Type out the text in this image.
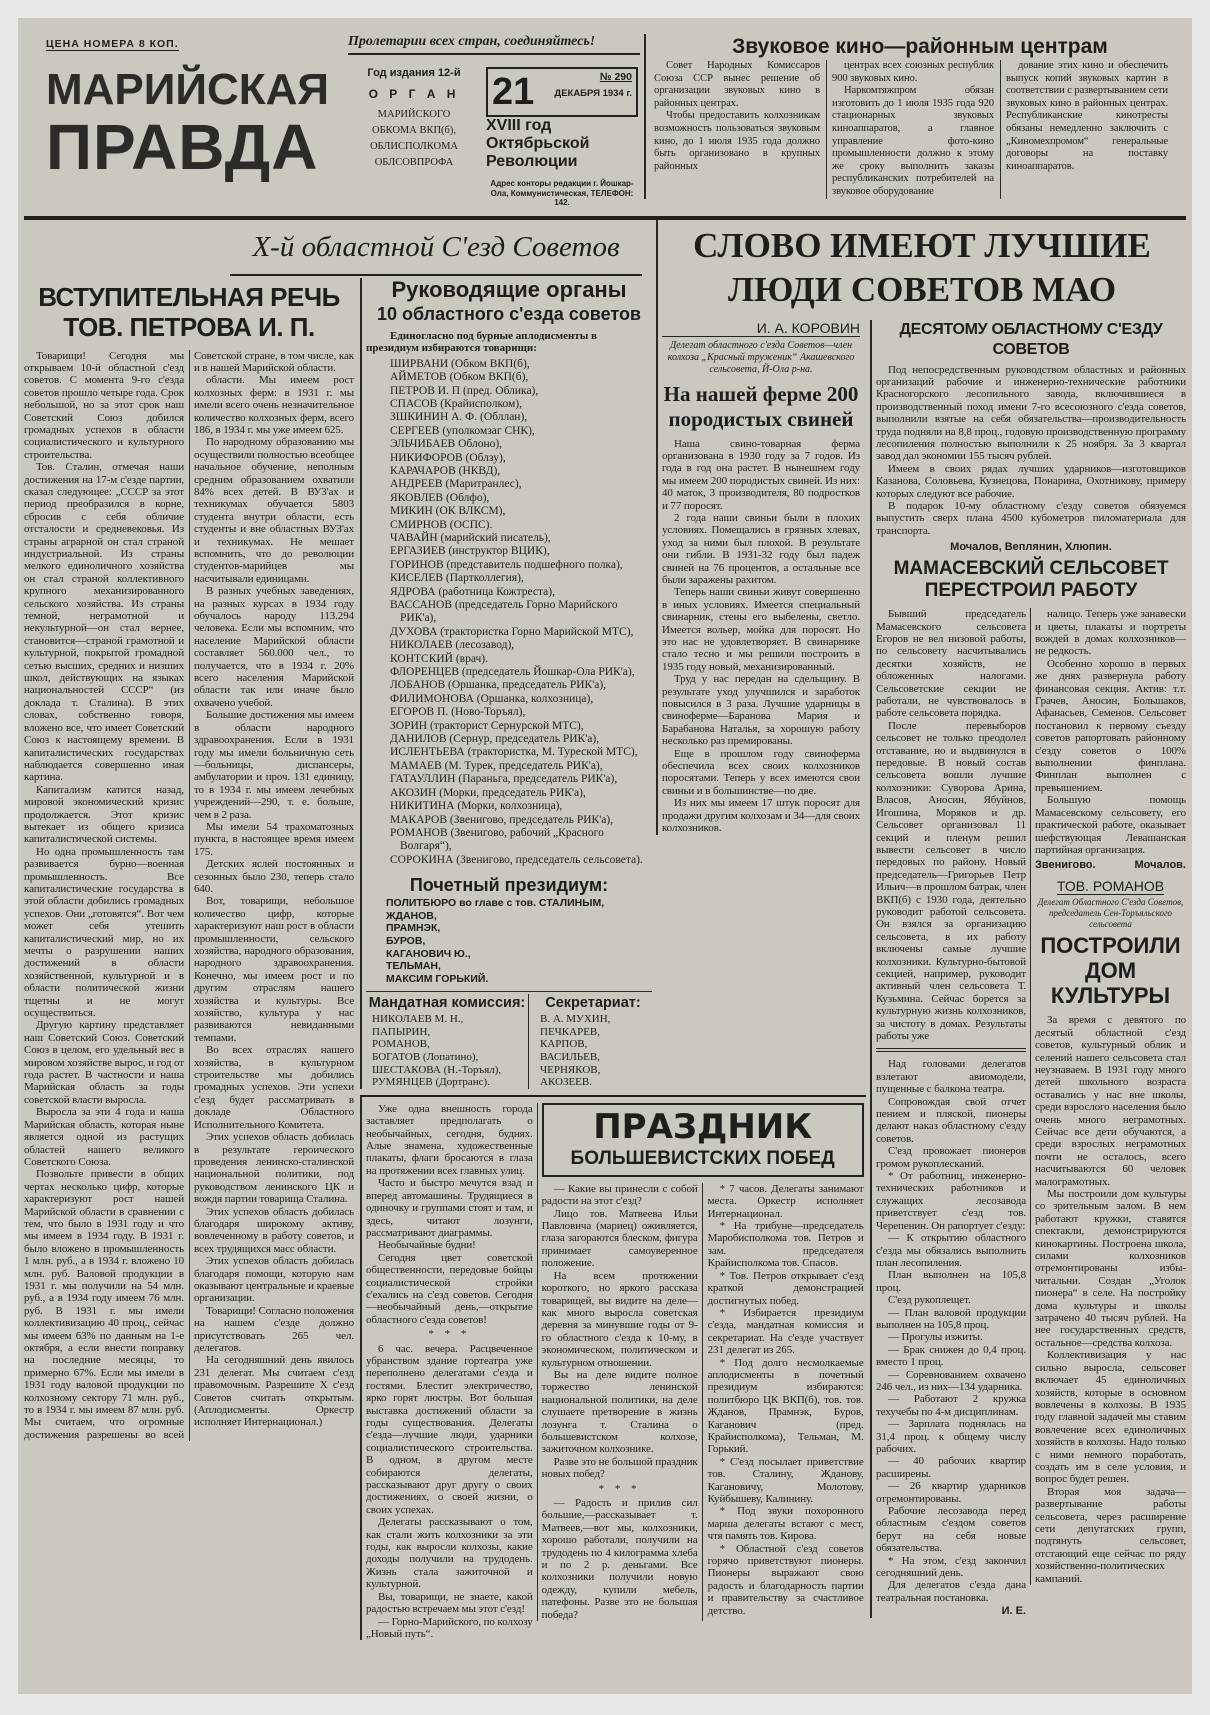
ЦЕНА НОМЕРА 8 КОП.
МАРИЙСКАЯ
ПРАВДА
Пролетарии всех стран, соединяйтесь!
Год издания 12-й
О Р Г А Н
МАРИЙСКОГО
ОБКОМА ВКП(б),
ОБЛИСПОЛКОМА
ОБЛСОВПРОФА
21	№ 290
ДЕКАБРЯ 1934 г.
XVIII год Октябрьской Революции
Адрес конторы редакции г. Йошкар-Ола, Коммунистическая, ТЕЛЕФОН: 142.
Звуковое кино—районным центрам

Совет Народных Комиссаров Союза ССР вынес решение об организации звуковых кино в районных центрах.

Чтобы предоставить колхозникам возможность пользоваться звуковым кино, до 1 июля 1935 года должно быть организовано в крупных районных

центрах всех союзных республик 900 звуковых кино.

Наркомтяжпром обязан изготовить до 1 июля 1935 года 920 стационарных звуковых киноаппаратов, а главное управление фото-кино промышленности должно к этому же сроку выполнить заказы республиканских потребителей на звуковое оборудование

дование этих кино и обеспечить выпуск копий звуковых картин в соответствии с развертыванием сети звуковых кино в районных центрах. Республиканские кинотресты обязаны немедленно заключить с „Киномехпромом“ генеральные договоры на поставку киноаппаратов.

Х-й областной С'езд Советов
ВСТУПИТЕЛЬНАЯ РЕЧЬ
ТОВ. ПЕТРОВА И. П.

Товарищи! Сегодня мы открываем 10-й областной с'езд советов. С момента 9-го с'езда советов прошло четыре года. Срок небольшой, но за этот срок наш Советский Союз добился громадных успехов в области социалистического и культурного строительства.

Тов. Сталин, отмечая наши достижения на 17-м с'езде партии, сказал следующее: „СССР за этот период преобразился в корне, сбросив с себя обличие отсталости и средневековья. Из страны аграрной он стал страной индустриальной. Из страны мелкого единоличного хозяйства он стал страной коллективного крупного механизированного сельского хозяйства. Из страны темной, неграмотной и некультурной—он стал вернее, становится—страной грамотной и культурной, покрытой громадной сетью высших, средних и низших школ, действующих на языках национальностей СССР“ (из доклада т. Сталина). В этих словах, собственно говоря, вложено все, что имеет Советский Союз к настоящему времени. В капиталистических государствах наблюдается совершенно иная картина.

Капитализм катится назад, мировой экономический кризис продолжается. Этот кризис вытекает из общего кризиса капиталистической системы.

Но одна промышленность там развивается бурно—военная промышленность. Все капиталистические государства в этой области добились громадных успехов. Они „готовятся“. Вот чем может себя утешить капиталистический мир, но их мечты о разрушении наших достижений в области хозяйственной, культурной и в области политической жизни тщетны и не могут осуществиться.

Другую картину представляет наш Советский Союз. Советский Союз в целом, его удельный вес в мировом хозяйстве вырос, и год от года растет. В частности и наша Марийская область за годы советской власти выросла.

Выросла за эти 4 года и наша Марийская область, которая ныне является одной из растущих областей нашего великого Советского Союза.

Позвольте привести в общих чертах несколько цифр, которые характеризуют рост нашей Марийской области в сравнении с тем, что было в 1931 году и что мы имеем в 1934 году. В 1931 г. было вложено в промышленность 1 млн. руб., а в 1934 г. вложено 10 млн. руб. Валовой продукции в 1931 г. мы получили на 54 млн. руб., а в 1934 году имеем 76 млн. руб. В 1931 г. мы имели коллективизацию 40 проц., сейчас мы имеем 63% по данным на 1-е октября, а если внести поправку на последние месяцы, то примерно 67%. Если мы имели в 1931 году валовой продукции по колхозному сектору 71 млн. руб., то в 1934 г. мы имеем 87 млн. руб. Мы считаем, что огромные достижения разрешены во всей Советской стране, в том числе, как и в нашей Марийской области.

области. Мы имеем рост колхозных ферм: в 1931 г. мы имели всего очень незначительное количество колхозных ферм, всего 186, в 1934 г. мы уже имеем 625.

По народному образованию мы осуществили полностью всеобщее начальное обучение, неполным средним образованием охватили 84% всех детей. В ВУЗ'ах и техникумах обучается 5803 студента внутри области, есть студенты и вне областных ВУЗ'ах и техникумах. Не мешает вспомнить, что до революции студентов-марийцев мы насчитывали единицами.

В разных учебных заведениях, на разных курсах в 1934 году обучалось народу 113.294 человека. Если мы вспомним, что население Марийской области составляет 560.000 чел., то получается, что в 1934 г. 20% всего населения Марийской области так или иначе было охвачено учебой.

Большие достижения мы имеем в области народного здравоохранения. Если в 1931 году мы имели больничную сеть—больницы, диспансеры, амбулатории и проч. 131 единицу, то в 1934 г. мы имеем лечебных учреждений—290, т. е. больше, чем в 2 раза.

Мы имели 54 трахоматозных пункта, в настоящее время имеем 175.

Детских яслей постоянных и сезонных было 230, теперь стало 640.

Вот, товарищи, небольшое количество цифр, которые характеризуют наш рост в области промышленности, сельского хозяйства, народного образования, народного здравоохранения. Конечно, мы имеем рост и по другим отраслям нашего хозяйства и культуры. Все хозяйство, культура у нас развиваются невиданными темпами.

Во всех отраслях нашего хозяйства, в культурном строительстве мы добились громадных успехов. Эти успехи с'езд будет рассматривать в докладе Областного Исполнительного Комитета.

Этих успехов область добилась в результате героического проведения ленинско-сталинской национальной политики, под руководством ленинского ЦК и вождя партии товарища Сталина.

Этих успехов область добилась благодаря широкому активу, вовлеченному в работу советов, и всех трудящихся масс области.

Этих успехов область добилась благодаря помощи, которую нам оказывают центральные и краевые организации.

Товарищи! Согласно положения на нашем с'езде должно присутствовать 265 чел. делегатов.

На сегодняшний день явилось 231 делегат. Мы считаем с'езд правомочным. Разрешите Х с'езд Советов считать открытым. (Аплодисменты. Оркестр исполняет Интернационал.)

Руководящие органы
10 областного с'езда советов
Единогласно под бурные аплодисменты в президиум избираются товарищи:
ШИРВАНИ (Обком ВКП(б),
АЙМЕТОВ (Обком ВКП(б),
ПЕТРОВ И. П (пред. Облика),
СПАСОВ (Крайисполком),
ЗШКИНИН А. Ф. (Обллан),
СЕРГЕЕВ (уполкомзаг СНК),
ЭЛЬЧИБАЕВ Облоно),
НИКИФОРОВ (Облзу),
КАРАЧАРОВ (НКВД),
АНДРЕЕВ (Маритранлес),
ЯКОВЛЕВ (Облфо),
МИКИН (ОК ВЛКСМ),
СМИРНОВ (ОСПС).
ЧАВАЙН (марийский писатель),
ЕРГАЗИЕВ (инструктор ВЦИК),
ГОРИНОВ (представитель подшефного полка),
КИСЕЛЕВ (Партколлегия),
ЯДРОВА (работница Кожтреста),
ВАССАНОВ (председатель Горно Марийского РИК'а),
ДУХОВА (трактористка Горно Марийской МТС),
НИКОЛАЕВ (лесозавод),
КОНТСКИЙ (врач).
ФЛОРЕНЦЕВ (председатель Йошкар-Ола РИК'а),
ЛОБАНОВ (Оршанка, председатель РИК'а),
ФИЛИМОНОВА (Оршанка, колхозница),
ЕГОРОВ П. (Ново-Торъял),
ЗОРИН (тракторист Сернурской МТС),
ДАНИЛОВ (Сернур, председатель РИК'а),
ИСЛЕНТЬЕВА (трактористка, М. Туреской МТС),
МАМАЕВ (М. Турек, председатель РИК'а),
ГАТАУЛЛИН (Параньга, председатель РИК'а),
АКОЗИН (Морки, председатель РИК'а),
НИКИТИНА (Морки, колхозница),
МАКАРОВ (Звенигово, председатель РИК'а),
РОМАНОВ (Звенигово, рабочий „Красного Волгаря“),
СОРОКИНА (Звенигово, председатель сельсовета).
Почетный президиум:
ПОЛИТБЮРО во главе с тов. СТАЛИНЫМ,
ЖДАНОВ,
ПРАМНЭК,
БУРОВ,
КАГАНОВИЧ Ю.,
ТЕЛЬМАН,
МАКСИМ ГОРЬКИЙ.
Мандатная комиссия:
НИКОЛАЕВ М. Н.,
ПАПЫРИН,
РОМАНОВ,
БОГАТОВ (Лопатино),
ШЕСТАКОВА (Н.-Торъял),
РУМЯНЦЕВ (Дортранс).
Секретариат:
В. А. МУХИН,
ПЕЧКАРЕВ,
КАРПОВ,
ВАСИЛЬЕВ,
ЧЕРНЯКОВ,
АКОЗЕЕВ.
СЛОВО ИМЕЮТ ЛУЧШИЕ
ЛЮДИ СОВЕТОВ МАО
И. А. КОРОВИН
Делегат областного с'езда Советов—член колхоза „Красный труженик“ Акашевского сельсовета, Й-Ола р-на.
На нашей ферме 200 породистых свиней

Наша свино-товарная ферма организована в 1930 году за 7 годов. Из года в год она растет. В нынешнем году мы имеем 200 породистых свиней. Из них: 40 маток, 3 производителя, 80 подростков и 77 поросят.

2 года наши свиньи были в плохих условиях. Помещались в грязных хлевах, уход за ними был плохой. В результате они гибли. В 1931-32 году был падеж свиней на 76 процентов, а остальные все были заражены рахитом.

Теперь наши свиньи живут совершенно в иных условиях. Имеется специальный свинарник, стены его выбелены, светло. Имеется вольер, мойка для поросят. Но это нас не удовлетворяет. В свинарнике стало тесно и мы решили построить в 1935 году новый, механизированный.

Труд у нас передан на сдельщину. В результате уход улучшился и заработок повысился в 3 раза. Лучшие ударницы в свиноферме—Баранова Мария и Барабанова Наталья, за хорошую работу несколько раз премированы.

Еще в прошлом году свиноферма обеспечила всех своих колхозников поросятами. Теперь у всех имеются свои свиньи и в большинстве—по две.

Из них мы имеем 17 штук поросят для продажи другим колхозам и 34—для своих колхозников.

Уже одна внешность города заставляет предполагать о необычайных, сегодня, буднях. Алые знамена, художественные плакаты, флаги бросаются в глаза на протяжении всех главных улиц.

Часто и быстро мечутся взад и вперед автомашины. Трудящиеся в одиночку и группами стоят и там, и здесь, читают лозунги, рассматривают диаграммы.

Необычайные будни!

Сегодня цвет советской общественности, передовые бойцы социалистической стройки с'ехались на с'езд советов. Сегодня—необычайный день,—открытие областного с'езда советов!

* * *

6 час. вечера. Расцвеченное убранством здание гортеатра уже переполнено делегатами с'езда и гостями. Блестит электричество, ярко горят люстры. Вот большая выставка достижений области за годы существования. Делегаты с'езда—лучшие люди, ударники социалистического строительства. В одном, в другом месте собираются делегаты, рассказывают друг другу о своих достижениях, о своей жизни, о своих успехах.

Делегаты рассказывают о том, как стали жить колхозники за эти годы, как выросли колхозы, какие доходы получили на трудодень. Жизнь стала зажиточной и культурной.

Вы, товарищи, не знаете, какой радостью встречаем мы этот с'езд!

— Горно-Марийского, по колхозу „Новый путь“.

ПРАЗДНИК
БОЛЬШЕВИСТСКИХ ПОБЕД

— Какие вы принесли с собой радости на этот с'езд?

Лицо тов. Матвеева Ильи Павловича (мариец) оживляется, глаза загораются блеском, фигура принимает самоуверенное положение.

На всем протяжении короткого, но яркого рассказа товарищей, вы видите на деле—как много выросла советская деревня за минувшие годы от 9-го областного с'езда к 10-му, в экономическом, политическом и культурном отношении.

Вы на деле видите полное торжество ленинской национальной политики, на деле слушаете претворение в жизнь лозунга т. Сталина о большевистском колхозе, зажиточном колхознике.

Разве это не большой праздник новых побед?

* * *

— Радость и прилив сил большие,—рассказывает т. Матвеев,—вот мы, колхозники, хорошо работали, получили на трудодень по 4 килограмма хлеба и по 2 р. деньгами. Все колхозники получили новую одежду, купили мебель, патефоны. Разве это не большая победа?

* 7 часов. Делегаты занимают места. Оркестр исполняет Интернационал.

* На трибуне—председатель Маробисполкома тов. Петров и зам. председателя Крайисполкома тов. Спасов.

* Тов. Петров открывает с'езд краткой демонстрацией достигнутых побед.

* Избирается президиум с'езда, мандатная комиссия и секретариат. На с'езде участвует 231 делегат из 265.

* Под долго несмолкаемые аплодисменты в почетный президиум избираются: политбюро ЦК ВКП(б), тов. тов. Жданов, Прамнэк, Буров, Каганович (пред. Крайисполкома), Тельман, М. Горький.

* С'езд посылает приветствие тов. Сталину, Жданову, Кагановичу, Молотову, Куйбышеву, Калинину.

* Под звуки похоронного марша делегаты встают с мест, чтя память тов. Кирова.

* Областной с'езд советов горячо приветствуют пионеры. Пионеры выражают свою радость и благодарность партии и правительству за счастливое детство.

ДЕСЯТОМУ ОБЛАСТНОМУ С'ЕЗДУ СОВЕТОВ

Под непосредственным руководством областных и районных организаций рабочие и инженерно-технические работники Красногорского лесопильного завода, включившиеся в производственный поход имени 7-го всесоюзного с'езда советов, выполнили взятые на себя обязательства—производительность труда подняли на 8,8 проц., годовую производственную программу лесопиления полностью выполнили к 25 ноября. За 3 квартал завод дал экономии 155 тысяч рублей.

Имеем в своих рядах лучших ударников—изготовщиков Казанова, Соловьева, Кузнецова, Понарина, Охотникову, примеру которых следуют все рабочие.

В подарок 10-му областному с'езду советов обязуемся выпустить сверх плана 4500 кубометров пиломатериала для транспорта.

Мочалов, Веплянин, Хлюпин.
МАМАСЕВСКИЙ СЕЛЬСОВЕТ
ПЕРЕСТРОИЛ РАБОТУ

Бывший председатель Мамасевского сельсовета Егоров не вел низовой работы, по сельсовету насчитывались десятки хозяйств, не обложенных налогами. Сельсоветские секции не работали, не чувствовалось в работе сельсовета порядка.

После перевыборов сельсовет не только преодолел отставание, но и выдвинулся в передовые. В новый состав сельсовета вошли лучшие колхозники: Суворова Арина, Власов, Аносин, Ябуйнов, Игошина, Моряков и др. Сельсовет организовал 11 секций и пленум решил вывести сельсовет в число передовых по району. Новый председатель—Григорьев Петр Ильич—в прошлом батрак, член ВКП(б) с 1930 года, деятельно руководит работой сельсовета. Он взялся за организацию сельсовета, в их работу включены самые лучшие колхозники. Культурно-бытовой секцией, например, руководит активный член сельсовета Т. Кузьмина. Сейчас борется за культурную жизнь колхозников, за чистоту в домах. Результаты работы уже

Над головами делегатов взлетают авиомодели, пущенные с балкона театра.

Сопровождая свой отчет пением и пляской, пионеры делают наказ областному с'езду советов.

С'езд провожает пионеров громом рукоплесканий.

* От работниц, инженерно-технических работников и служащих лесозавода приветствует с'езд тов. Черепенин. Он рапортует с'езду:

— К открытию областного с'езда мы обязались выполнить план лесопиления.

План выполнен на 105,8 проц.

С'езд рукоплещет.

— План валовой продукции выполнен на 105,8 проц.

— Прогулы изжиты.

— Брак снижен до 0,4 проц. вместо 1 проц.

— Соревнованием охвачено 246 чел., из них—134 ударника.

— Работают 2 кружка техучебы по 4-м дисциплинам.

— Зарплата поднялась на 31,4 проц. к общему числу рабочих.

— 40 рабочих квартир расширены.

— 26 квартир ударников отремонтированы.

Рабочие лесозавода перед областным с'ездом советов берут на себя новые обязательства.

* На этом, с'езд закончил сегодняшний день.

Для делегатов с'езда дана театральная постановка.

И. Е.

налицо. Теперь уже занавески и цветы, плакаты и портреты вождей в домах колхозников—не редкость.

Особенно хорошо в первых же днях развернула работу финансовая секция. Актив: т.т. Грачев, Аносин, Большаков, Афанасьев, Семенов. Сельсовет постановил к первому съезду советов рапортовать районному с'езду советов о 100% выполнении финплана. Финплан выполнен с превышением.

Большую помощь Мамасевскому сельсовету, его практической работе, оказывает шефствующая Левашанская партийная организация.

Звенигово.	Мочалов.
ТОВ. РОМАНОВ
Делегат Областного С'езда Советов, председатель Сен-Торъяльского сельсовета
ПОСТРОИЛИ
ДОМ
КУЛЬТУРЫ

За время с девятого по десятый областной с'езд советов, культурный облик и селений нашего сельсовета стал неузнаваем. В 1931 году много детей школьного возраста оставались у нас вне школы, среди взрослого населения было очень много неграмотных. Сейчас все дети обучаются, а среди взрослых неграмотных почти не осталось, всего насчитываются 60 человек малограмотных.

Мы построили дом культуры со зрительным залом. В нем работают кружки, ставятся спектакли, демонстрируются кинокартины. Построена школа, силами колхозников отремонтированы избы-читальни. Создан „Уголок пионера“ в селе. На постройку дома культуры и школы затрачено 40 тысяч рублей. На нее государственных средств, остальное—средства колхоза.

Коллективизация у нас сильно выросла, сельсовет включает 45 единоличных хозяйств, которые в основном вовлечены в колхозы. В 1935 году главной задачей мы ставим вовлечение всех единоличных хозяйств в колхозы. Надо только с ними немного поработать, создать им в селе условия, и вопрос будет решен.

Вторая моя задача—развертывание работы сельсовета, через расширение сети депутатских групп, подтянуть сельсовет, отстающий еще сейчас по ряду хозяйственно-политических кампаний.
